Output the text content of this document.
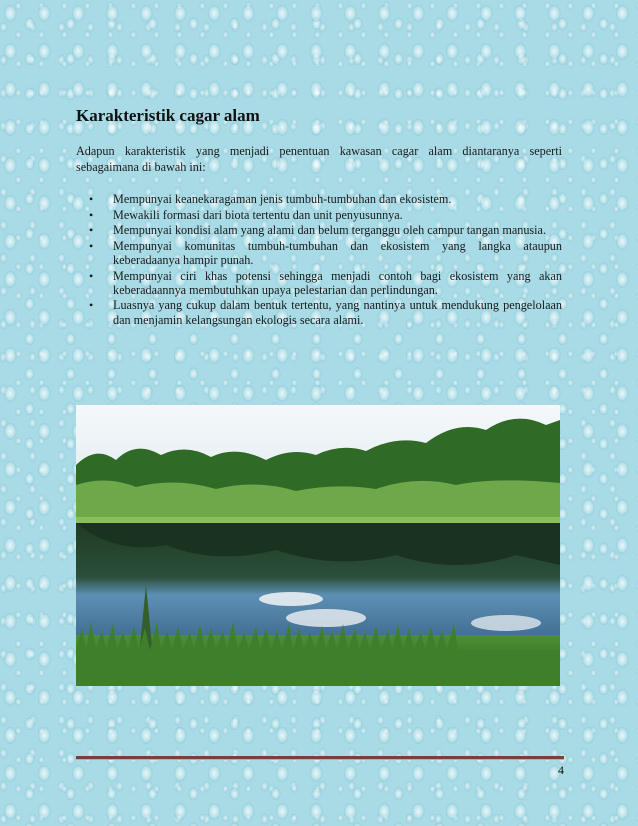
Karakteristik cagar alam

Adapun karakteristik yang menjadi penentuan kawasan cagar alam diantaranya seperti sebagaimana di bawah ini:

• Mempunyai keanekaragaman jenis tumbuh-tumbuhan dan ekosistem.
• Mewakili formasi dari biota tertentu dan unit penyusunnya.
• Mempunyai kondisi alam yang alami dan belum terganggu oleh campur tangan manusia.
• Mempunyai komunitas tumbuh-tumbuhan dan ekosistem yang langka ataupun keberadaanya hampir punah.
• Mempunyai ciri khas potensi sehingga menjadi contoh bagi ekosistem yang akan keberadaannya membutuhkan upaya pelestarian dan perlindungan.
• Luasnya yang cukup dalam bentuk tertentu, yang nantinya untuk mendukung pengelolaan dan menjamin kelangsungan ekologis secara alami.
4
